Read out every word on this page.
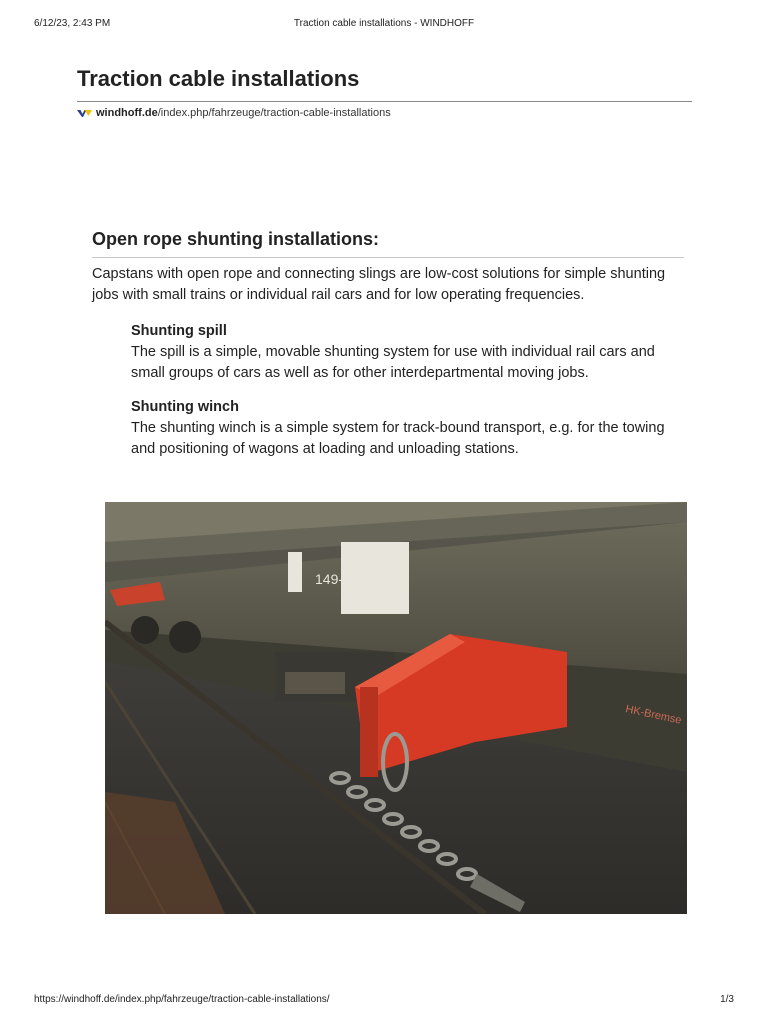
6/12/23, 2:43 PM	Traction cable installations - WINDHOFF
Traction cable installations
windhoff.de /index.php/fahrzeuge/traction-cable-installations
Open rope shunting installations:

Capstans with open rope and connecting slings are low-cost solutions for simple shunting jobs with small trains or individual rail cars and for low operating frequencies.

Shunting spill

The spill is a simple, movable shunting system for use with individual rail cars and small groups of cars as well as for other interdepartmental moving jobs.

Shunting winch

The shunting winch is a simple system for track-bound transport, e.g. for the towing and positioning of wagons at loading and unloading stations.

149-5
HK-Bremse
https://windhoff.de/index.php/fahrzeuge/traction-cable-installations/	1/3
